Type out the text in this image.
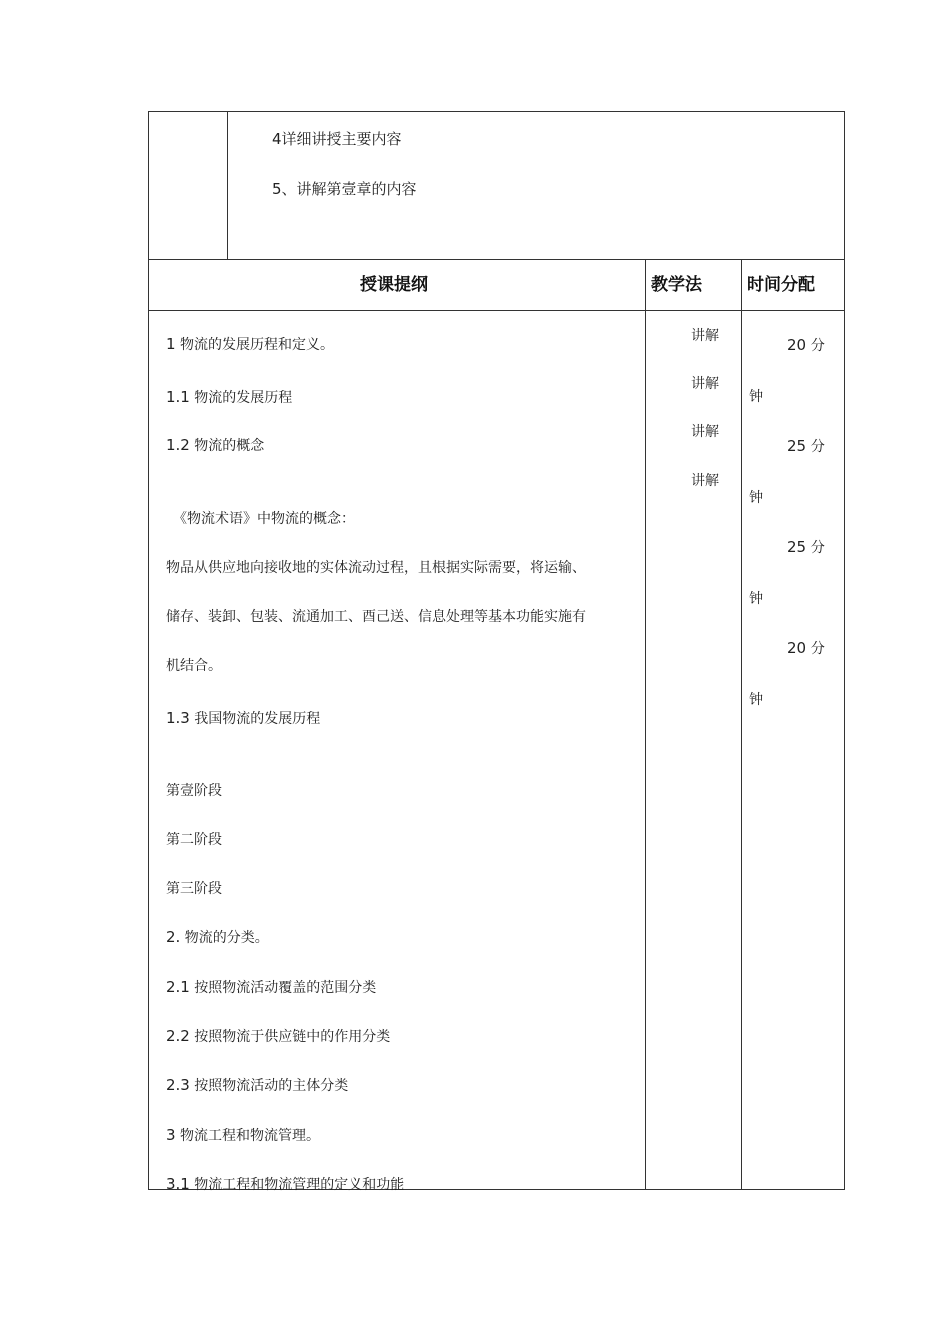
4详细讲授主要内容
5、讲解第壹章的内容
授课提纲	教学法	时间分配
1 物流的发展历程和定义。
1.1 物流的发展历程
1.2 物流的概念
《物流术语》中物流的概念：
物品从供应地向接收地的实体流动过程，且根据实际需要，将运输、
储存、装卸、包装、流通加工、酉己送、信息处理等基本功能实施有
机结合。
1.3 我国物流的发展历程
第壹阶段
第二阶段
第三阶段
2. 物流的分类。
2.1 按照物流活动覆盖的范围分类
2.2 按照物流于供应链中的作用分类
2.3 按照物流活动的主体分类
3 物流工程和物流管理。
3.1 物流工程和物流管理的定义和功能
讲解
讲解
讲解
讲解
20 分
钟
25 分
钟
25 分
钟
20 分
钟
